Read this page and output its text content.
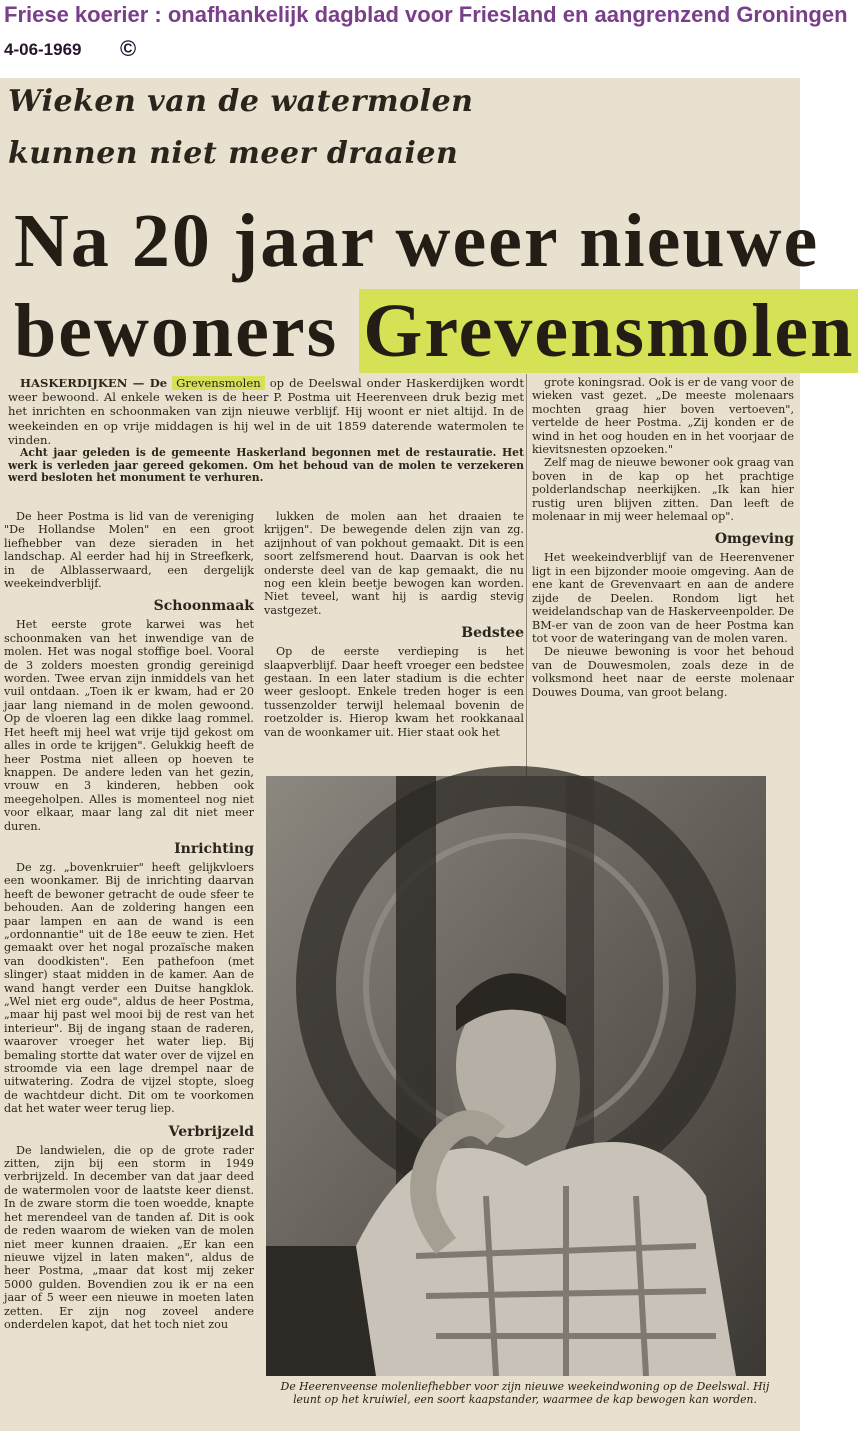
Friese koerier : onafhankelijk dagblad voor Friesland en aangrenzend Groningen
4-06-1969 ©
Wieken van de watermolen
kunnen niet meer draaien
Na 20 jaar weer nieuwe
bewoners Grevensmolen

HASKERDIJKEN — De Grevensmolen op de Deelswal onder Haskerdijken wordt weer bewoond. Al enkele weken is de heer P. Postma uit Heerenveen druk bezig met het inrichten en schoonmaken van zijn nieuwe verblijf. Hij woont er niet altijd. In de weekeinden en op vrije middagen is hij wel in de uit 1859 daterende watermolen te vinden.

Acht jaar geleden is de gemeente Haskerland begonnen met de restauratie. Het werk is verleden jaar gereed gekomen. Om het behoud van de molen te verzekeren werd besloten het monument te verhuren.

De heer Postma is lid van de vereniging "De Hollandse Molen" en een groot liefhebber van deze sieraden in het landschap. Al eerder had hij in Streefkerk, in de Alblasserwaard, een dergelijk weekeindverblijf.

Schoonmaak

Het eerste grote karwei was het schoonmaken van het inwendige van de molen. Het was nogal stoffige boel. Vooral de 3 zolders moesten grondig gereinigd worden. Twee ervan zijn inmiddels van het vuil ontdaan. „Toen ik er kwam, had er 20 jaar lang niemand in de molen gewoond. Op de vloeren lag een dikke laag rommel. Het heeft mij heel wat vrije tijd gekost om alles in orde te krijgen". Gelukkig heeft de heer Postma niet alleen op hoeven te knappen. De andere leden van het gezin, vrouw en 3 kinderen, hebben ook meegeholpen. Alles is momenteel nog niet voor elkaar, maar lang zal dit niet meer duren.

Inrichting

De zg. „bovenkruier" heeft gelijkvloers een woonkamer. Bij de inrichting daarvan heeft de bewoner getracht de oude sfeer te behouden. Aan de zoldering hangen een paar lampen en aan de wand is een „ordonnantie" uit de 18e eeuw te zien. Het gemaakt over het nogal prozaïsche maken van doodkisten". Een pathefoon (met slinger) staat midden in de kamer. Aan de wand hangt verder een Duitse hangklok. „Wel niet erg oude", aldus de heer Postma, „maar hij past wel mooi bij de rest van het interieur". Bij de ingang staan de raderen, waarover vroeger het water liep. Bij bemaling stortte dat water over de vijzel en stroomde via een lage drempel naar de uitwatering. Zodra de vijzel stopte, sloeg de wachtdeur dicht. Dit om te voorkomen dat het water weer terug liep.

Verbrijzeld

De landwielen, die op de grote rader zitten, zijn bij een storm in 1949 verbrijzeld. In december van dat jaar deed de watermolen voor de laatste keer dienst. In de zware storm die toen woedde, knapte het merendeel van de tanden af. Dit is ook de reden waarom de wieken van de molen niet meer kunnen draaien. „Er kan een nieuwe vijzel in laten maken", aldus de heer Postma, „maar dat kost mij zeker 5000 gulden. Bovendien zou ik er na een jaar of 5 weer een nieuwe in moeten laten zetten. Er zijn nog zoveel andere onderdelen kapot, dat het toch niet zou

lukken de molen aan het draaien te krijgen". De bewegende delen zijn van zg. azijnhout of van pokhout gemaakt. Dit is een soort zelfsmerend hout. Daarvan is ook het onderste deel van de kap gemaakt, die nu nog een klein beetje bewogen kan worden. Niet teveel, want hij is aardig stevig vastgezet.

Bedstee

Op de eerste verdieping is het slaapverblijf. Daar heeft vroeger een bedstee gestaan. In een later stadium is die echter weer gesloopt. Enkele treden hoger is een tussenzolder terwijl helemaal bovenin de roetzolder is. Hierop kwam het rookkanaal van de woonkamer uit. Hier staat ook het

grote koningsrad. Ook is er de vang voor de wieken vast gezet. „De meeste molenaars mochten graag hier boven vertoeven", vertelde de heer Postma. „Zij konden er de wind in het oog houden en in het voorjaar de kievitsnesten opzoeken."

Zelf mag de nieuwe bewoner ook graag van boven in de kap op het prachtige polderlandschap neerkijken. „Ik kan hier rustig uren blijven zitten. Dan leeft de molenaar in mij weer helemaal op".

Omgeving

Het weekeindverblijf van de Heerenvener ligt in een bijzonder mooie omgeving. Aan de ene kant de Grevenvaart en aan de andere zijde de Deelen. Rondom ligt het weidelandschap van de Haskerveenpolder. De BM-er van de zoon van de heer Postma kan tot voor de wateringang van de molen varen.

De nieuwe bewoning is voor het behoud van de Douwesmolen, zoals deze in de volksmond heet naar de eerste molenaar Douwes Douma, van groot belang.

De Heerenveense molenliefhebber voor zijn nieuwe weekeindwoning op de Deelswal. Hij leunt op het kruiwiel, een soort kaapstander, waarmee de kap bewogen kan worden.
